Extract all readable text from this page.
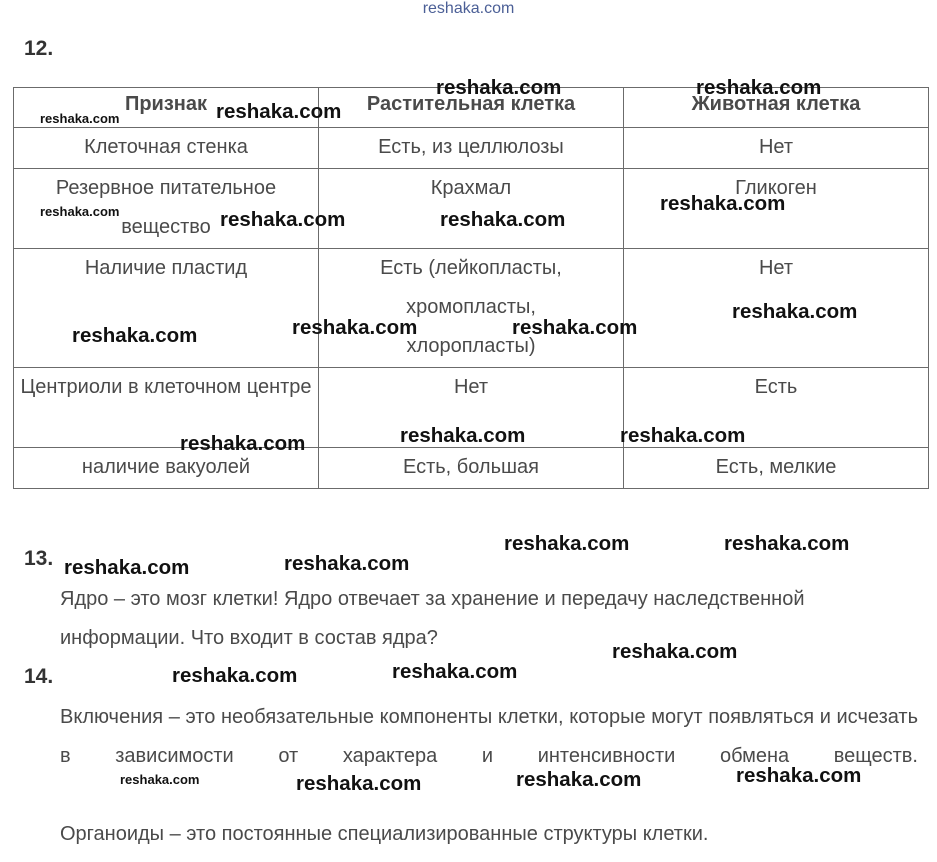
reshaka.com
12.
Признак	Растительная клетка	Животная клетка
Клеточная стенка	Есть, из целлюлозы	Нет
Резервное питательное вещество	Крахмал	Гликоген
Наличие пластид	Есть (лейкопласты, хромопласты, хлоропласты)	Нет
Центриоли в клеточном центре	Нет	Есть
наличие вакуолей	Есть, большая	Есть, мелкие
13.
Ядро – это мозг клетки! Ядро отвечает за хранение и передачу наследственной информации. Что входит в состав ядра?
14.
Включения – это необязательные компоненты клетки, которые могут появляться и исчезать в зависимости от характера и интенсивности обмена веществ.
Органоиды – это постоянные специализированные структуры клетки.
reshaka.com	reshaka.com
reshaka.com
reshaka.com
reshaka.com
reshaka.com	reshaka.com	reshaka.com
reshaka.com
reshaka.com	reshaka.com
reshaka.com
reshaka.com	reshaka.com
reshaka.com
reshaka.com	reshaka.com
reshaka.com
reshaka.com
reshaka.com
reshaka.com
reshaka.com
reshaka.com
reshaka.com	reshaka.com
reshaka.com
